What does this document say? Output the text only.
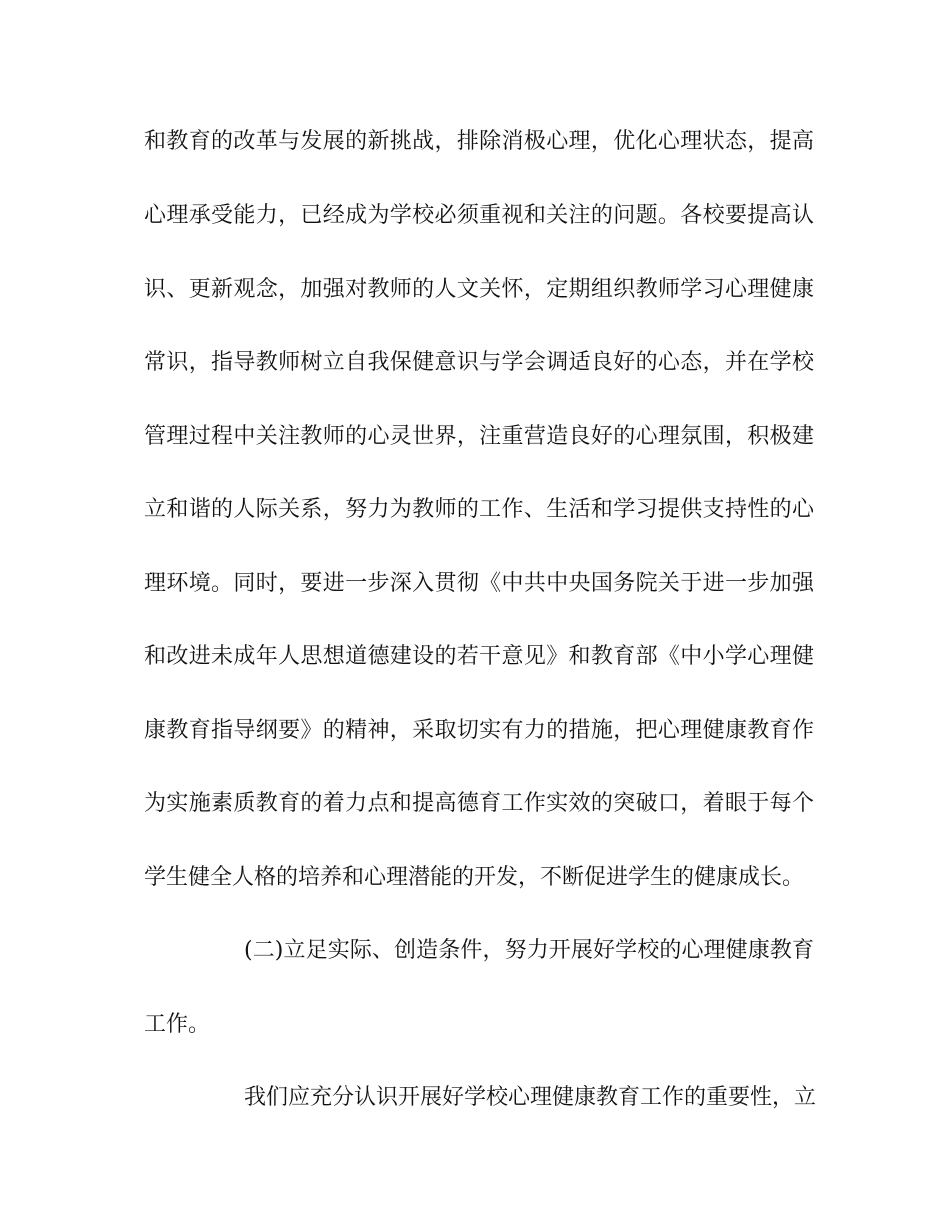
和教育的改革与发展的新挑战，排除消极心理，优化心理状态，提高
心理承受能力，已经成为学校必须重视和关注的问题。各校要提高认
识、更新观念，加强对教师的人文关怀，定期组织教师学习心理健康
常识，指导教师树立自我保健意识与学会调适良好的心态，并在学校
管理过程中关注教师的心灵世界，注重营造良好的心理氛围，积极建
立和谐的人际关系，努力为教师的工作、生活和学习提供支持性的心
理环境。同时，要进一步深入贯彻《中共中央国务院关于进一步加强
和改进未成年人思想道德建设的若干意见》和教育部《中小学心理健
康教育指导纲要》的精神，采取切实有力的措施，把心理健康教育作
为实施素质教育的着力点和提高德育工作实效的突破口，着眼于每个
学生健全人格的培养和心理潜能的开发，不断促进学生的健康成长。
(二)立足实际、创造条件，努力开展好学校的心理健康教育
工作。
我们应充分认识开展好学校心理健康教育工作的重要性，立
